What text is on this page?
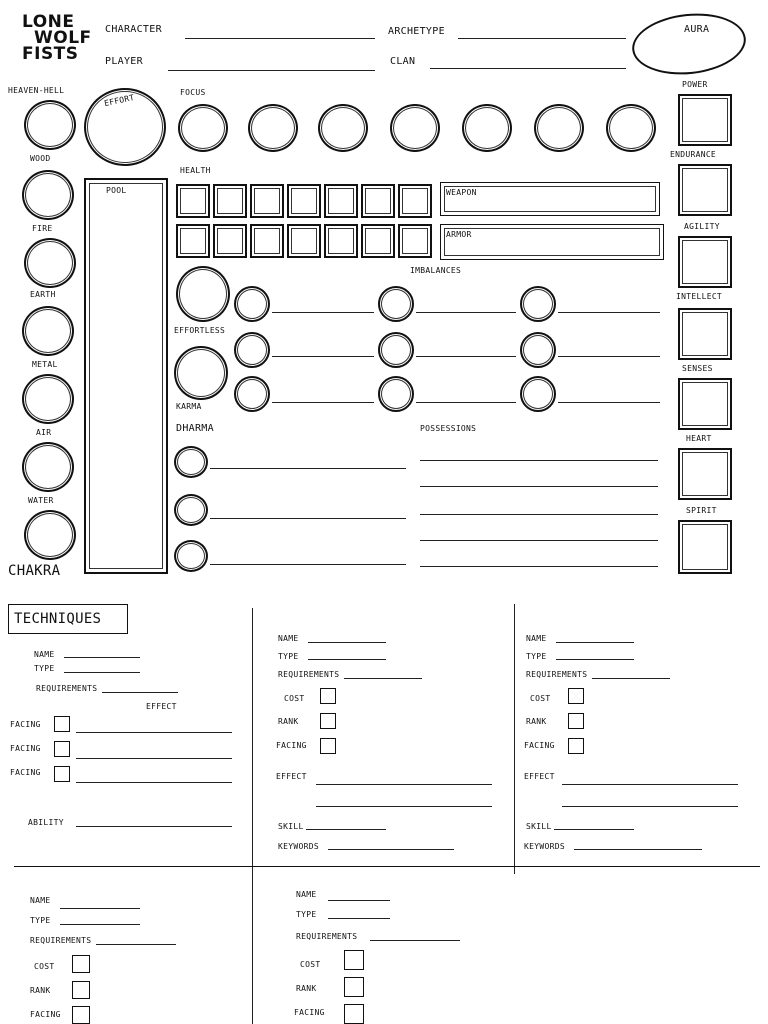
LONE
WOLF
FISTS
CHARACTER	ARCHETYPE
PLAYER	CLAN
AURA
HEAVEN-HELL
WOOD
FIRE
EARTH
METAL
AIR
WATER
CHAKRA
EFFORT
FOCUS
POOL
HEALTH
WEAPON
ARMOR
IMBALANCES
EFFORTLESS
KARMA
DHARMA	POSSESSIONS
POWER
ENDURANCE
AGILITY
INTELLECT
SENSES
HEART
SPIRIT
TECHNIQUES
NAME
TYPE
REQUIREMENTS
EFFECT
FACING
FACING
FACING
ABILITY
NAME
TYPE
REQUIREMENTS
COST
RANK
FACING
EFFECT
SKILL
KEYWORDS
NAME
TYPE
REQUIREMENTS
COST
RANK
FACING
EFFECT
SKILL
KEYWORDS
NAME
TYPE
REQUIREMENTS
COST
RANK
FACING
NAME
TYPE
REQUIREMENTS
COST
RANK
FACING
